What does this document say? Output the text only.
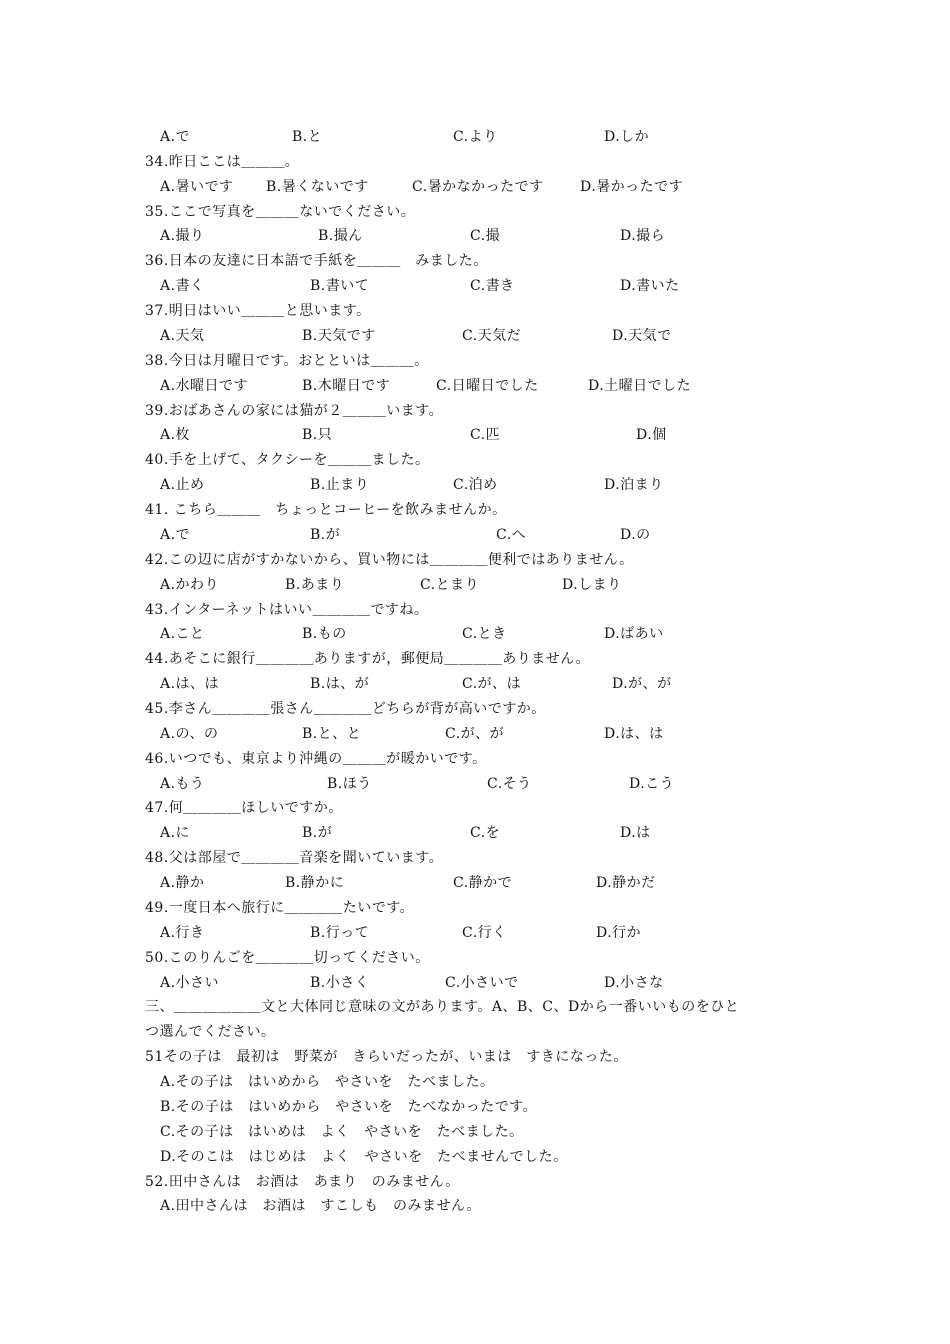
A.で	B.と	C.より	D.しか
34.昨日ここは＿＿＿。
A.暑いです B.暑くないです	C.暑かなかったです	D.暑かったです
35.ここで写真を＿＿＿ないでください。
A.撮り	B.撮ん	C.撮	D.撮ら
36.日本の友達に日本語で手紙を＿＿＿　みました。
A.書く	B.書いて	C.書き	D.書いた
37.明日はいい＿＿＿と思います。
A.天気	B.天気です	C.天気だ	D.天気で
38.今日は月曜日です。おとといは＿＿＿。
A.水曜日です	B.木曜日です	C.日曜日でした	D.土曜日でした
39.おばあさんの家には猫が２＿＿＿います。
A.枚	B.只	C.匹	D.個
40.手を上げて、タクシーを＿＿＿ました。
A.止め	B.止まり	C.泊め	D.泊まり
41. こちら＿＿＿　ちょっとコーヒーを飲みませんか。
A.で	B.が	C.へ	D.の
42.この辺に店がすかないから、買い物には＿＿＿＿便利ではありません。
A.かわり	B.あまり	C.とまり	D.しまり
43.インターネットはいい＿＿＿＿ですね。
A.こと	B.もの	C.とき	D.ばあい
44.あそこに銀行＿＿＿＿ありますが，郵便局＿＿＿＿ありません。
A.は、は	B.は、が	C.が、は	D.が、が
45.李さん＿＿＿＿張さん＿＿＿＿どちらが背が高いですか。
A.の、の	B.と、と	C.が、が	D.は、は
46.いつでも、東京より沖縄の＿＿＿が暖かいです。
A.もう	B.ほう	C.そう	D.こう
47.何＿＿＿＿ほしいですか。
A.に	B.が	C.を	D.は
48.父は部屋で＿＿＿＿音楽を聞いています。
A.静か	B.静かに	C.静かで	D.静かだ
49.一度日本へ旅行に＿＿＿＿たいです。
A.行き	B.行って	C.行く	D.行か
50.このりんごを＿＿＿＿切ってください。
A.小さい	B.小さく	C.小さいで	D.小さな
三、＿＿＿＿＿＿文と大体同じ意味の文があります。A、B、C、Dから一番いいものをひと
つ選んでください。
51その子は　最初は　野菜が　きらいだったが、いまは　すきになった。
A.その子は　はいめから　やさいを　たべました。
B.その子は　はいめから　やさいを　たべなかったです。
C.その子は　はいめは　よく　やさいを　たべました。
D.そのこは　はじめは　よく　やさいを　たべませんでした。
52.田中さんは　お酒は　あまり　のみません。
A.田中さんは　お酒は　すこしも　のみません。
